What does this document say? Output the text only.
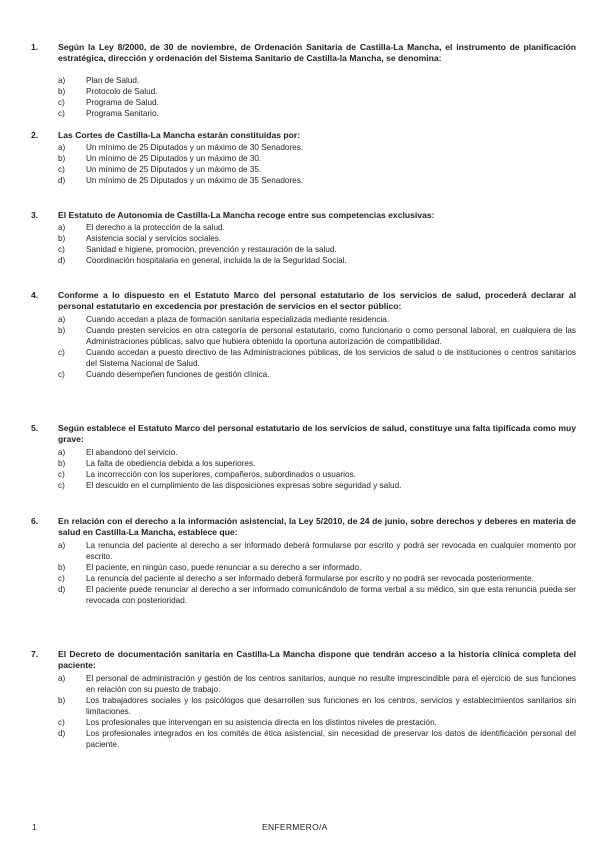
1. Según la Ley 8/2000, de 30 de noviembre, de Ordenación Sanitaria de Castilla-La Mancha, el instrumento de planificación estratégica, dirección y ordenación del Sistema Sanitario de Castilla-la Mancha, se denomina:
a)	Plan de Salud.
b)	Protocolo de Salud.
c)	Programa de Salud.
c)	Programa Sanitario.
2. Las Cortes de Castilla-La Mancha estarán constituidas por:
a)	Un mínimo de 25 Diputados y un máximo de 30 Senadores.
b)	Un mínimo de 25 Diputados y un máximo de 30.
c)	Un mínimo de 25 Diputados y un máximo de 35.
d)	Un mínimo de 25 Diputados y un máximo de 35 Senadores.
3. El Estatuto de Autonomía de Castilla-La Mancha recoge entre sus competencias exclusivas:
a)	El derecho a la protección de la salud.
b)	Asistencia social y servicios sociales.
c)	Sanidad e higiene, promoción, prevención y restauración de la salud.
d)	Coordinación hospitalaria en general, incluida la de la Seguridad Social.
4. Conforme a lo dispuesto en el Estatuto Marco del personal estatutario de los servicios de salud, procederá declarar al personal estatutario en excedencia por prestación de servicios en el sector público:
a)	Cuando accedan a plaza de formación sanitaria especializada mediante residencia.
b)	Cuando presten servicios en otra categoría de personal estatutario, como funcionario o como personal laboral, en cualquiera de las Administraciones públicas, salvo que hubiera obtenido la oportuna autorización de compatibilidad.
c)	Cuando accedan a puesto directivo de las Administraciones públicas, de los servicios de salud o de instituciones o centros sanitarios del Sistema Nacional de Salud.
c)	Cuando desempeñen funciones de gestión clínica.
5. Según establece el Estatuto Marco del personal estatutario de los servicios de salud, constituye una falta tipificada como muy grave:
a)	El abandono del servicio.
b)	La falta de obediencia debida a los superiores.
c)	La incorrección con los superiores, compañeros, subordinados o usuarios.
c)	El descuido en el cumplimiento de las disposiciones expresas sobre seguridad y salud.
6. En relación con el derecho a la información asistencial, la Ley 5/2010, de 24 de junio, sobre derechos y deberes en materia de salud en Castilla-La Mancha, establece que:
a)	La renuncia del paciente al derecho a ser informado deberá formularse por escrito y podrá ser revocada en cualquier momento por escrito.
b)	El paciente, en ningún caso, puede renunciar a su derecho a ser informado.
c)	La renuncia del paciente al derecho a ser informado deberá formularse por escrito y no podrá ser revocada posteriormente.
d)	El paciente puede renunciar al derecho a ser informado comunicándolo de forma verbal a su médico, sin que esta renuncia pueda ser revocada con posterioridad.
7. El Decreto de documentación sanitaria en Castilla-La Mancha dispone que tendrán acceso a la historia clínica completa del paciente:
a)	El personal de administración y gestión de los centros sanitarios, aunque no resulte imprescindible para el ejercicio de sus funciones en relación con su puesto de trabajo.
b)	Los trabajadores sociales y los psicólogos que desarrollen sus funciones en los centros, servicios y establecimientos sanitarios sin limitaciones.
c)	Los profesionales que intervengan en su asistencia directa en los distintos niveles de prestación.
d)	Los profesionales integrados en los comités de ética asistencial, sin necesidad de preservar los datos de identificación personal del paciente.
1	ENFERMERO/A
